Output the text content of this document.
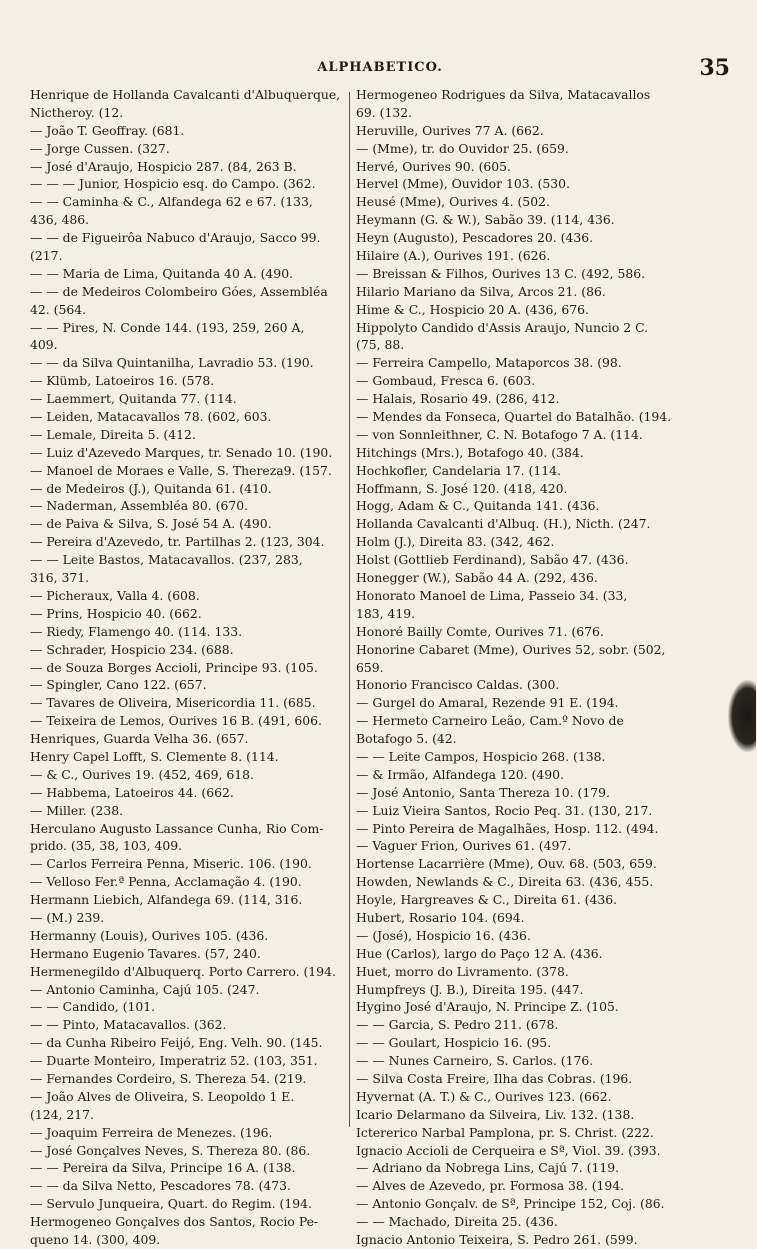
ALPHABETICO.	35
Henrique de Hollanda Cavalcanti d'Albuquerque,
Nictheroy. (12.
— João T. Geoffray. (681.
— Jorge Cussen. (327.
— José d'Araujo, Hospicio 287. (84, 263 B.
— — — Junior, Hospicio esq. do Campo. (362.
— — Caminha & C., Alfandega 62 e 67. (133,
436, 486.
— — de Figueirôa Nabuco d'Araujo, Sacco 99.
(217.
— — Maria de Lima, Quitanda 40 A. (490.
— — de Medeiros Colombeiro Góes, Assembléa
42. (564.
— — Pires, N. Conde 144. (193, 259, 260 A,
409.
— — da Silva Quintanilha, Lavradio 53. (190.
— Klümb, Latoeiros 16. (578.
— Laemmert, Quitanda 77. (114.
— Leiden, Matacavallos 78. (602, 603.
— Lemale, Direita 5. (412.
— Luiz d'Azevedo Marques, tr. Senado 10. (190.
— Manoel de Moraes e Valle, S. Thereza9. (157.
— de Medeiros (J.), Quitanda 61. (410.
— Naderman, Assembléa 80. (670.
— de Paiva & Silva, S. José 54 A. (490.
— Pereira d'Azevedo, tr. Partilhas 2. (123, 304.
— — Leite Bastos, Matacavallos. (237, 283,
316, 371.
— Picheraux, Valla 4. (608.
— Prins, Hospicio 40. (662.
— Riedy, Flamengo 40. (114. 133.
— Schrader, Hospicio 234. (688.
— de Souza Borges Accioli, Principe 93. (105.
— Spingler, Cano 122. (657.
— Tavares de Oliveira, Misericordia 11. (685.
— Teixeira de Lemos, Ourives 16 B. (491, 606.
Henriques, Guarda Velha 36. (657.
Henry Capel Lofft, S. Clemente 8. (114.
— & C., Ourives 19. (452, 469, 618.
— Habbema, Latoeiros 44. (662.
— Miller. (238.
Herculano Augusto Lassance Cunha, Rio Com-
prido. (35, 38, 103, 409.
— Carlos Ferreira Penna, Miseric. 106. (190.
— Velloso Fer.ª Penna, Acclamação 4. (190.
Hermann Liebich, Alfandega 69. (114, 316.
— (M.) 239.
Hermanny (Louis), Ourives 105. (436.
Hermano Eugenio Tavares. (57, 240.
Hermenegildo d'Albuquerq. Porto Carrero. (194.
— Antonio Caminha, Cajú 105. (247.
— — Candido, (101.
— — Pinto, Matacavallos. (362.
— da Cunha Ribeiro Feijó, Eng. Velh. 90. (145.
— Duarte Monteiro, Imperatriz 52. (103, 351.
— Fernandes Cordeiro, S. Thereza 54. (219.
— João Alves de Oliveira, S. Leopoldo 1 E.
(124, 217.
— Joaquim Ferreira de Menezes. (196.
— José Gonçalves Neves, S. Thereza 80. (86.
— — Pereira da Silva, Principe 16 A. (138.
— — da Silva Netto, Pescadores 78. (473.
— Servulo Junqueira, Quart. do Regim. (194.
Hermogeneo Gonçalves dos Santos, Rocio Pe-
queno 14. (300, 409.
Hermogeneo Rodrigues da Silva, Matacavallos
69. (132.
Heruville, Ourives 77 A. (662.
— (Mme), tr. do Ouvidor 25. (659.
Hervé, Ourives 90. (605.
Hervel (Mme), Ouvidor 103. (530.
Heusé (Mme), Ourives 4. (502.
Heymann (G. & W.), Sabão 39. (114, 436.
Heyn (Augusto), Pescadores 20. (436.
Hilaire (A.), Ourives 191. (626.
— Breissan & Filhos, Ourives 13 C. (492, 586.
Hilario Mariano da Silva, Arcos 21. (86.
Hime & C., Hospicio 20 A. (436, 676.
Hippolyto Candido d'Assis Araujo, Nuncio 2 C.
(75, 88.
— Ferreira Campello, Mataporcos 38. (98.
— Gombaud, Fresca 6. (603.
— Halais, Rosario 49. (286, 412.
— Mendes da Fonseca, Quartel do Batalhão. (194.
— von Sonnleithner, C. N. Botafogo 7 A. (114.
Hitchings (Mrs.), Botafogo 40. (384.
Hochkofler, Candelaria 17. (114.
Hoffmann, S. José 120. (418, 420.
Hogg, Adam & C., Quitanda 141. (436.
Hollanda Cavalcanti d'Albuq. (H.), Nicth. (247.
Holm (J.), Direita 83. (342, 462.
Holst (Gottlieb Ferdinand), Sabão 47. (436.
Honegger (W.), Sabão 44 A. (292, 436.
Honorato Manoel de Lima, Passeio 34. (33,
183, 419.
Honoré Bailly Comte, Ourives 71. (676.
Honorine Cabaret (Mme), Ourives 52, sobr. (502,
659.
Honorio Francisco Caldas. (300.
— Gurgel do Amaral, Rezende 91 E. (194.
— Hermeto Carneiro Leão, Cam.º Novo de
Botafogo 5. (42.
— — Leite Campos, Hospicio 268. (138.
— & Irmão, Alfandega 120. (490.
— José Antonio, Santa Thereza 10. (179.
— Luiz Vieira Santos, Rocio Peq. 31. (130, 217.
— Pinto Pereira de Magalhães, Hosp. 112. (494.
— Vaguer Frion, Ourives 61. (497.
Hortense Lacarrière (Mme), Ouv. 68. (503, 659.
Howden, Newlands & C., Direita 63. (436, 455.
Hoyle, Hargreaves & C., Direita 61. (436.
Hubert, Rosario 104. (694.
— (José), Hospicio 16. (436.
Hue (Carlos), largo do Paço 12 A. (436.
Huet, morro do Livramento. (378.
Humpfreys (J. B.), Direita 195. (447.
Hygino José d'Araujo, N. Principe Z. (105.
— — Garcia, S. Pedro 211. (678.
— — Goulart, Hospicio 16. (95.
— — Nunes Carneiro, S. Carlos. (176.
— Silva Costa Freire, Ilha das Cobras. (196.
Hyvernat (A. T.) & C., Ourives 123. (662.
Icario Delarmano da Silveira, Liv. 132. (138.
Ictererico Narbal Pamplona, pr. S. Christ. (222.
Ignacio Accioli de Cerqueira e Sª, Viol. 39. (393.
— Adriano da Nobrega Lins, Cajú 7. (119.
— Alves de Azevedo, pr. Formosa 38. (194.
— Antonio Gonçalv. de Sª, Principe 152, Coj. (86.
— — Machado, Direita 25. (436.
Ignacio Antonio Teixeira, S. Pedro 261. (599.
